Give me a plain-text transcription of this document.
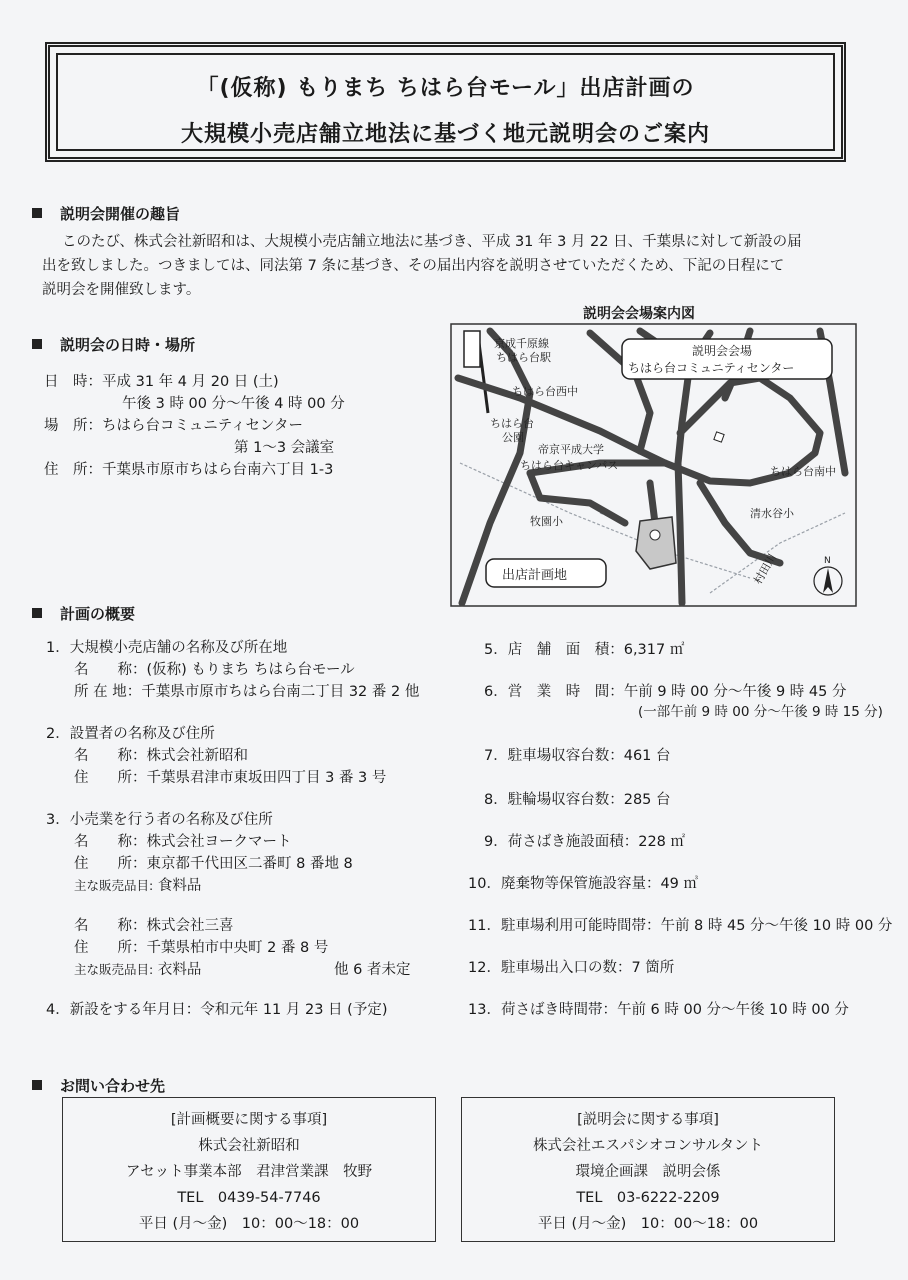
「(仮称) もりまち ちはら台モール」出店計画の
大規模小売店舗立地法に基づく地元説明会のご案内
説明会開催の趣旨
このたび、株式会社新昭和は、大規模小売店舗立地法に基づき、平成 31 年 3 月 22 日、千葉県に対して新設の届
出を致しました。つきましては、同法第 7 条に基づき、その届出内容を説明させていただくため、下記の日程にて
説明会を開催致します。
説明会の日時・場所
日　時：平成 31 年 4 月 20 日 (土)
午後 3 時 00 分～午後 4 時 00 分
場　所：ちはら台コミュニティセンター
第 1～3 会議室
住　所：千葉県市原市ちはら台南六丁目 1-3
説明会会場案内図
京成千原線
ちはら台駅
ちはら台西中
ちはら台
公園
帝京平成大学
ちはら台キャンパス	ちはら台南中
牧園小
清水谷小
村田川
説明会会場
ちはら台コミュニティセンター
出店計画地
N
計画の概要
1．大規模小売店舗の名称及び所在地
名　　称：(仮称) もりまち ちはら台モール
所 在 地：千葉県市原市ちはら台南二丁目 32 番 2 他
2．設置者の名称及び住所
名　　称：株式会社新昭和
住　　所：千葉県君津市東坂田四丁目 3 番 3 号
3．小売業を行う者の名称及び住所
名　　称：株式会社ヨークマート
住　　所：東京都千代田区二番町 8 番地 8
主な販売品目: 食料品
名　　称：株式会社三喜
住　　所：千葉県柏市中央町 2 番 8 号
主な販売品目: 衣料品	他 6 者未定
4．新設をする年月日：令和元年 11 月 23 日 (予定)
5．店　舗　面　積：6,317 ㎡
6．営　業　時　間：午前 9 時 00 分～午後 9 時 45 分
(一部午前 9 時 00 分～午後 9 時 15 分)
7．駐車場収容台数：461 台
8．駐輪場収容台数：285 台
9．荷さばき施設面積：228 ㎡
10．廃棄物等保管施設容量：49 ㎥
11．駐車場利用可能時間帯：午前 8 時 45 分～午後 10 時 00 分
12．駐車場出入口の数：7 箇所
13．荷さばき時間帯：午前 6 時 00 分～午後 10 時 00 分
お問い合わせ先
[計画概要に関する事項]
株式会社新昭和
アセット事業本部　君津営業課　牧野
TEL　0439-54-7746
平日 (月～金)　10：00～18：00
[説明会に関する事項]
株式会社エスパシオコンサルタント
環境企画課　説明会係
TEL　03-6222-2209
平日 (月～金)　10：00～18：00
